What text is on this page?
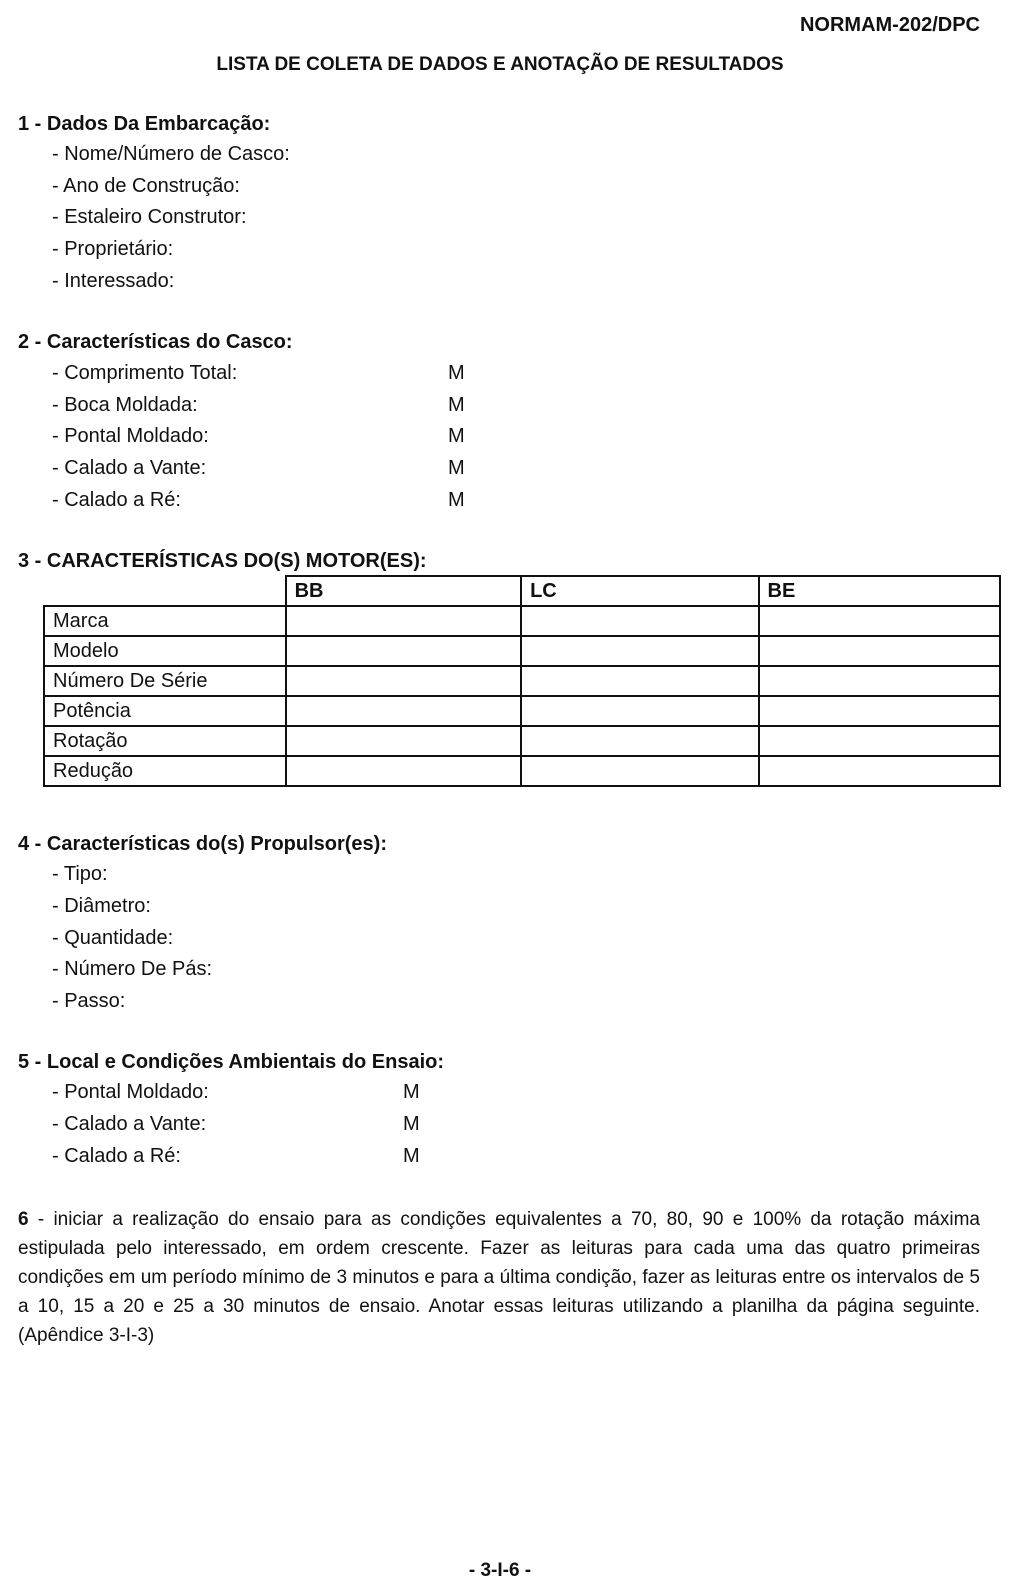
NORMAM-202/DPC
LISTA DE COLETA DE DADOS E ANOTAÇÃO DE RESULTADOS
1 - Dados Da Embarcação:
- Nome/Número de Casco:
- Ano de Construção:
- Estaleiro Construtor:
- Proprietário:
- Interessado:
2 - Características do Casco:
- Comprimento Total:	M
- Boca Moldada:	M
- Pontal Moldado:	M
- Calado a Vante:	M
- Calado a Ré:	M
3 - CARACTERÍSTICAS DO(S) MOTOR(ES):
	BB	LC	BE
Marca			
Modelo			
Número De Série			
Potência			
Rotação			
Redução			
4 - Características do(s) Propulsor(es):
- Tipo:
- Diâmetro:
- Quantidade:
- Número De Pás:
- Passo:
5 - Local e Condições Ambientais do Ensaio:
- Pontal Moldado:	M
- Calado a Vante:	M
- Calado a Ré:	M
6 - iniciar a realização do ensaio para as condições equivalentes a 70, 80, 90 e 100% da rotação máxima estipulada pelo interessado, em ordem crescente. Fazer as leituras para cada uma das quatro primeiras condições em um período mínimo de 3 minutos e para a última condição, fazer as leituras entre os intervalos de 5 a 10, 15 a 20 e 25 a 30 minutos de ensaio. Anotar essas leituras utilizando a planilha da página seguinte. (Apêndice 3-I-3)
- 3-I-6 -
